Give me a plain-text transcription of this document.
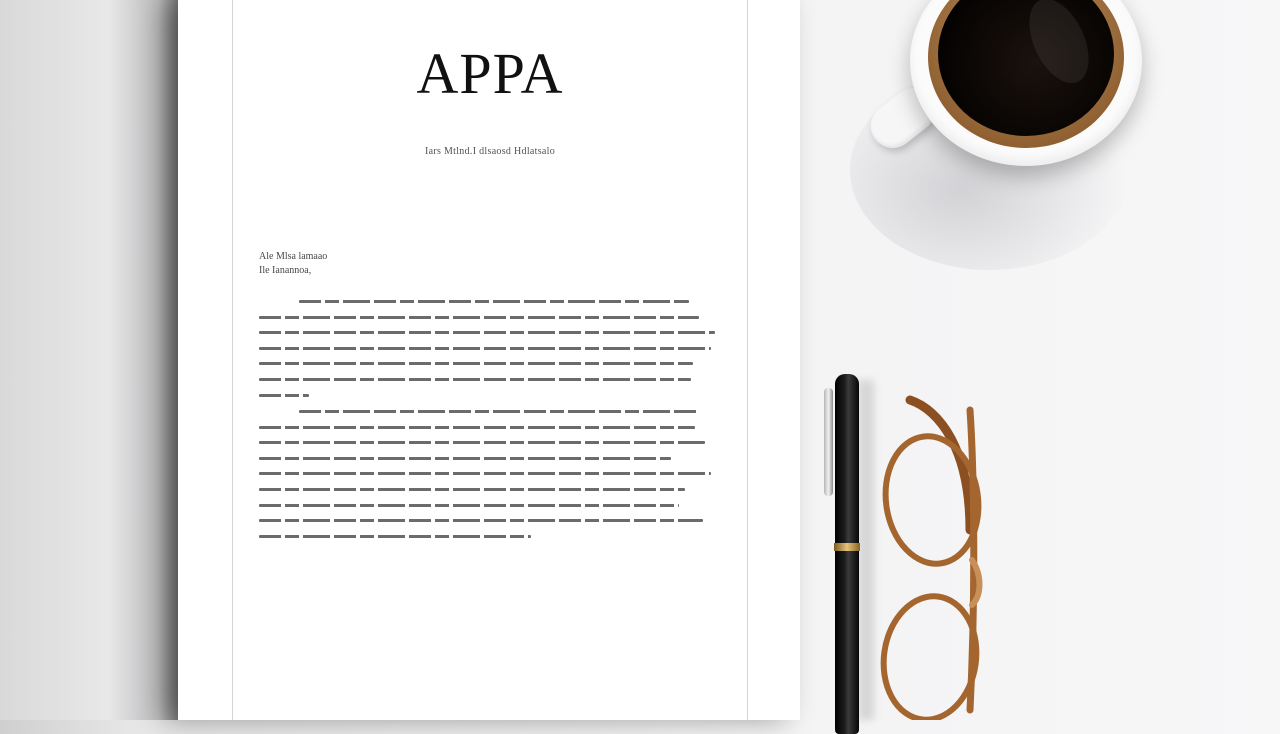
APPA
Iars Mtlnd.I dlsaosd Hdlatsalo
Ale Mlsa lamaao
Ile Ianannoa,
